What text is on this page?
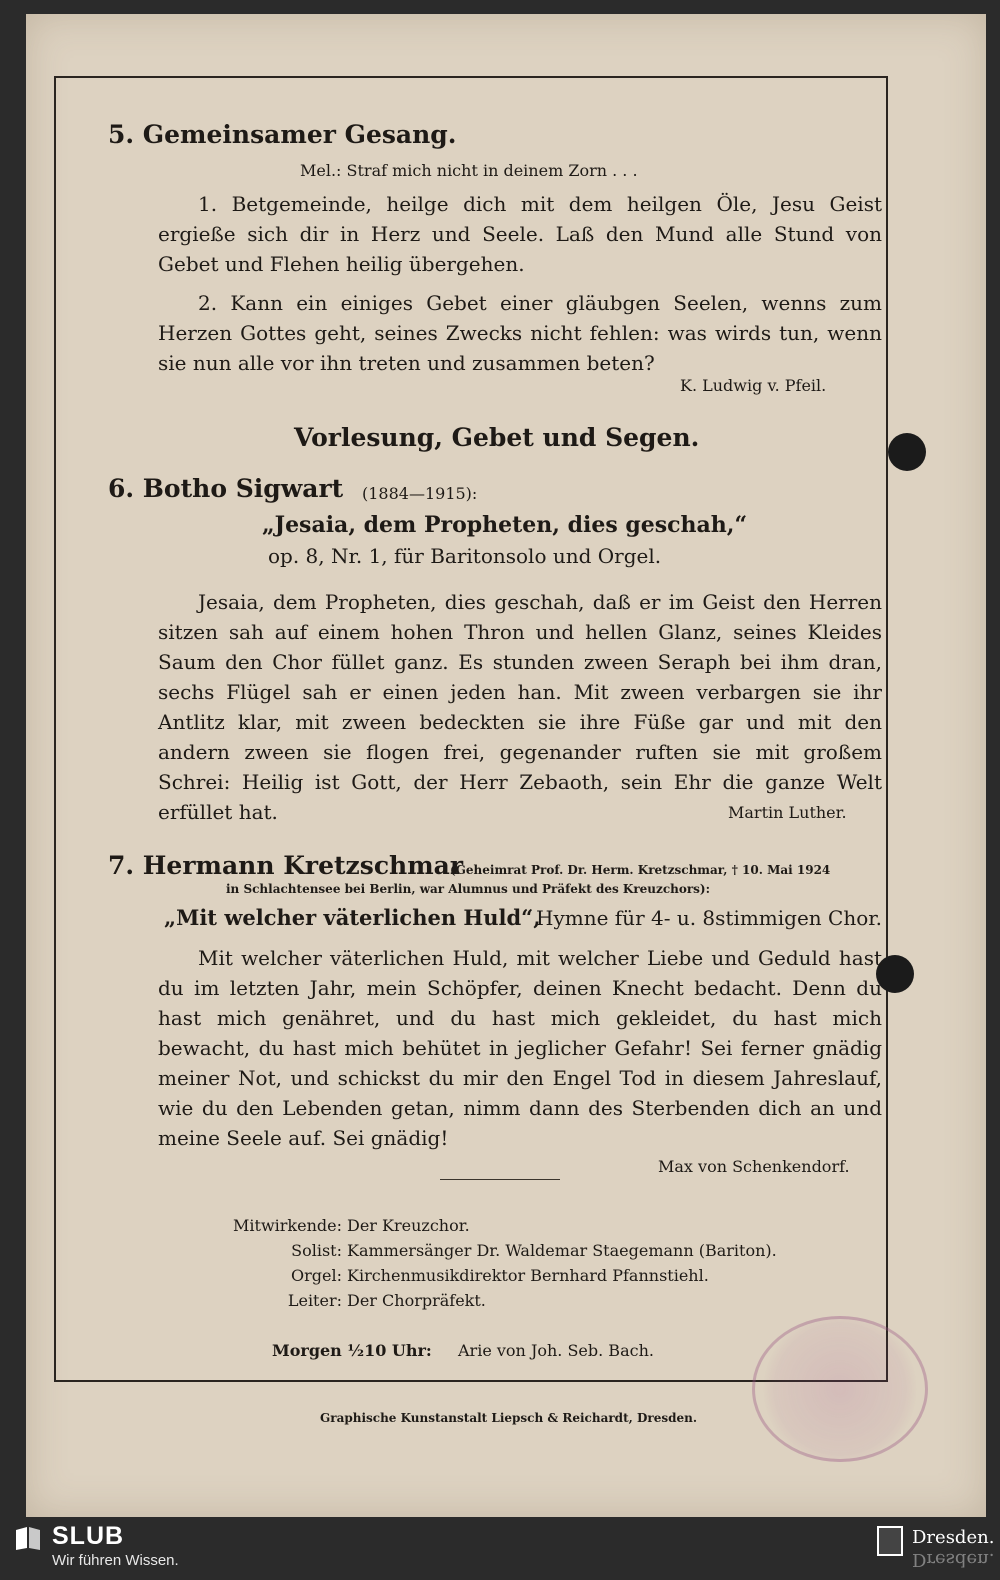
5. Gemeinsamer Gesang.
Mel.: Straf mich nicht in deinem Zorn . . .
1. Betgemeinde, heilge dich mit dem heilgen Öle, Jesu Geist ergieße sich dir in Herz und Seele. Laß den Mund alle Stund von Gebet und Flehen heilig übergehen.
2. Kann ein einiges Gebet einer gläubgen Seelen, wenns zum Herzen Gottes geht, seines Zwecks nicht fehlen: was wirds tun, wenn sie nun alle vor ihn treten und zusammen beten?
K. Ludwig v. Pfeil.
Vorlesung, Gebet und Segen.
6. Botho Sigwart (1884—1915):
„Jesaia, dem Propheten, dies geschah,“
op. 8, Nr. 1, für Baritonsolo und Orgel.
Jesaia, dem Propheten, dies geschah, daß er im Geist den Herren sitzen sah auf einem hohen Thron und hellen Glanz, seines Kleides Saum den Chor füllet ganz. Es stunden zween Seraph bei ihm dran, sechs Flügel sah er einen jeden han. Mit zween verbargen sie ihr Antlitz klar, mit zween bedeckten sie ihre Füße gar und mit den andern zween sie flogen frei, gegenander ruften sie mit großem Schrei: Heilig ist Gott, der Herr Zebaoth, sein Ehr die ganze Welt erfüllet hat.	Martin Luther.
7. Hermann Kretzschmar
(Geheimrat Prof. Dr. Herm. Kretzschmar, † 10. Mai 1924
in Schlachtensee bei Berlin, war Alumnus und Präfekt des Kreuzchors):
„Mit welcher väterlichen Huld“,
Hymne für 4- u. 8stimmigen Chor.
Mit welcher väterlichen Huld, mit welcher Liebe und Geduld hast du im letzten Jahr, mein Schöpfer, deinen Knecht bedacht. Denn du hast mich genähret, und du hast mich gekleidet, du hast mich bewacht, du hast mich behütet in jeglicher Gefahr! Sei ferner gnädig meiner Not, und schickst du mir den Engel Tod in diesem Jahreslauf, wie du den Lebenden getan, nimm dann des Sterbenden dich an und meine Seele auf. Sei gnädig!
Max von Schenkendorf.
Mitwirkende: Der Kreuzchor.
Solist: Kammersänger Dr. Waldemar Staegemann (Bariton).
Orgel: Kirchenmusikdirektor Bernhard Pfannstiehl.
Leiter: Der Chorpräfekt.
Morgen ½10 Uhr: Arie von Joh. Seb. Bach.
Graphische Kunstanstalt Liepsch & Reichardt, Dresden.
SLUB
Wir führen Wissen.
Dresden.
Dresden.
